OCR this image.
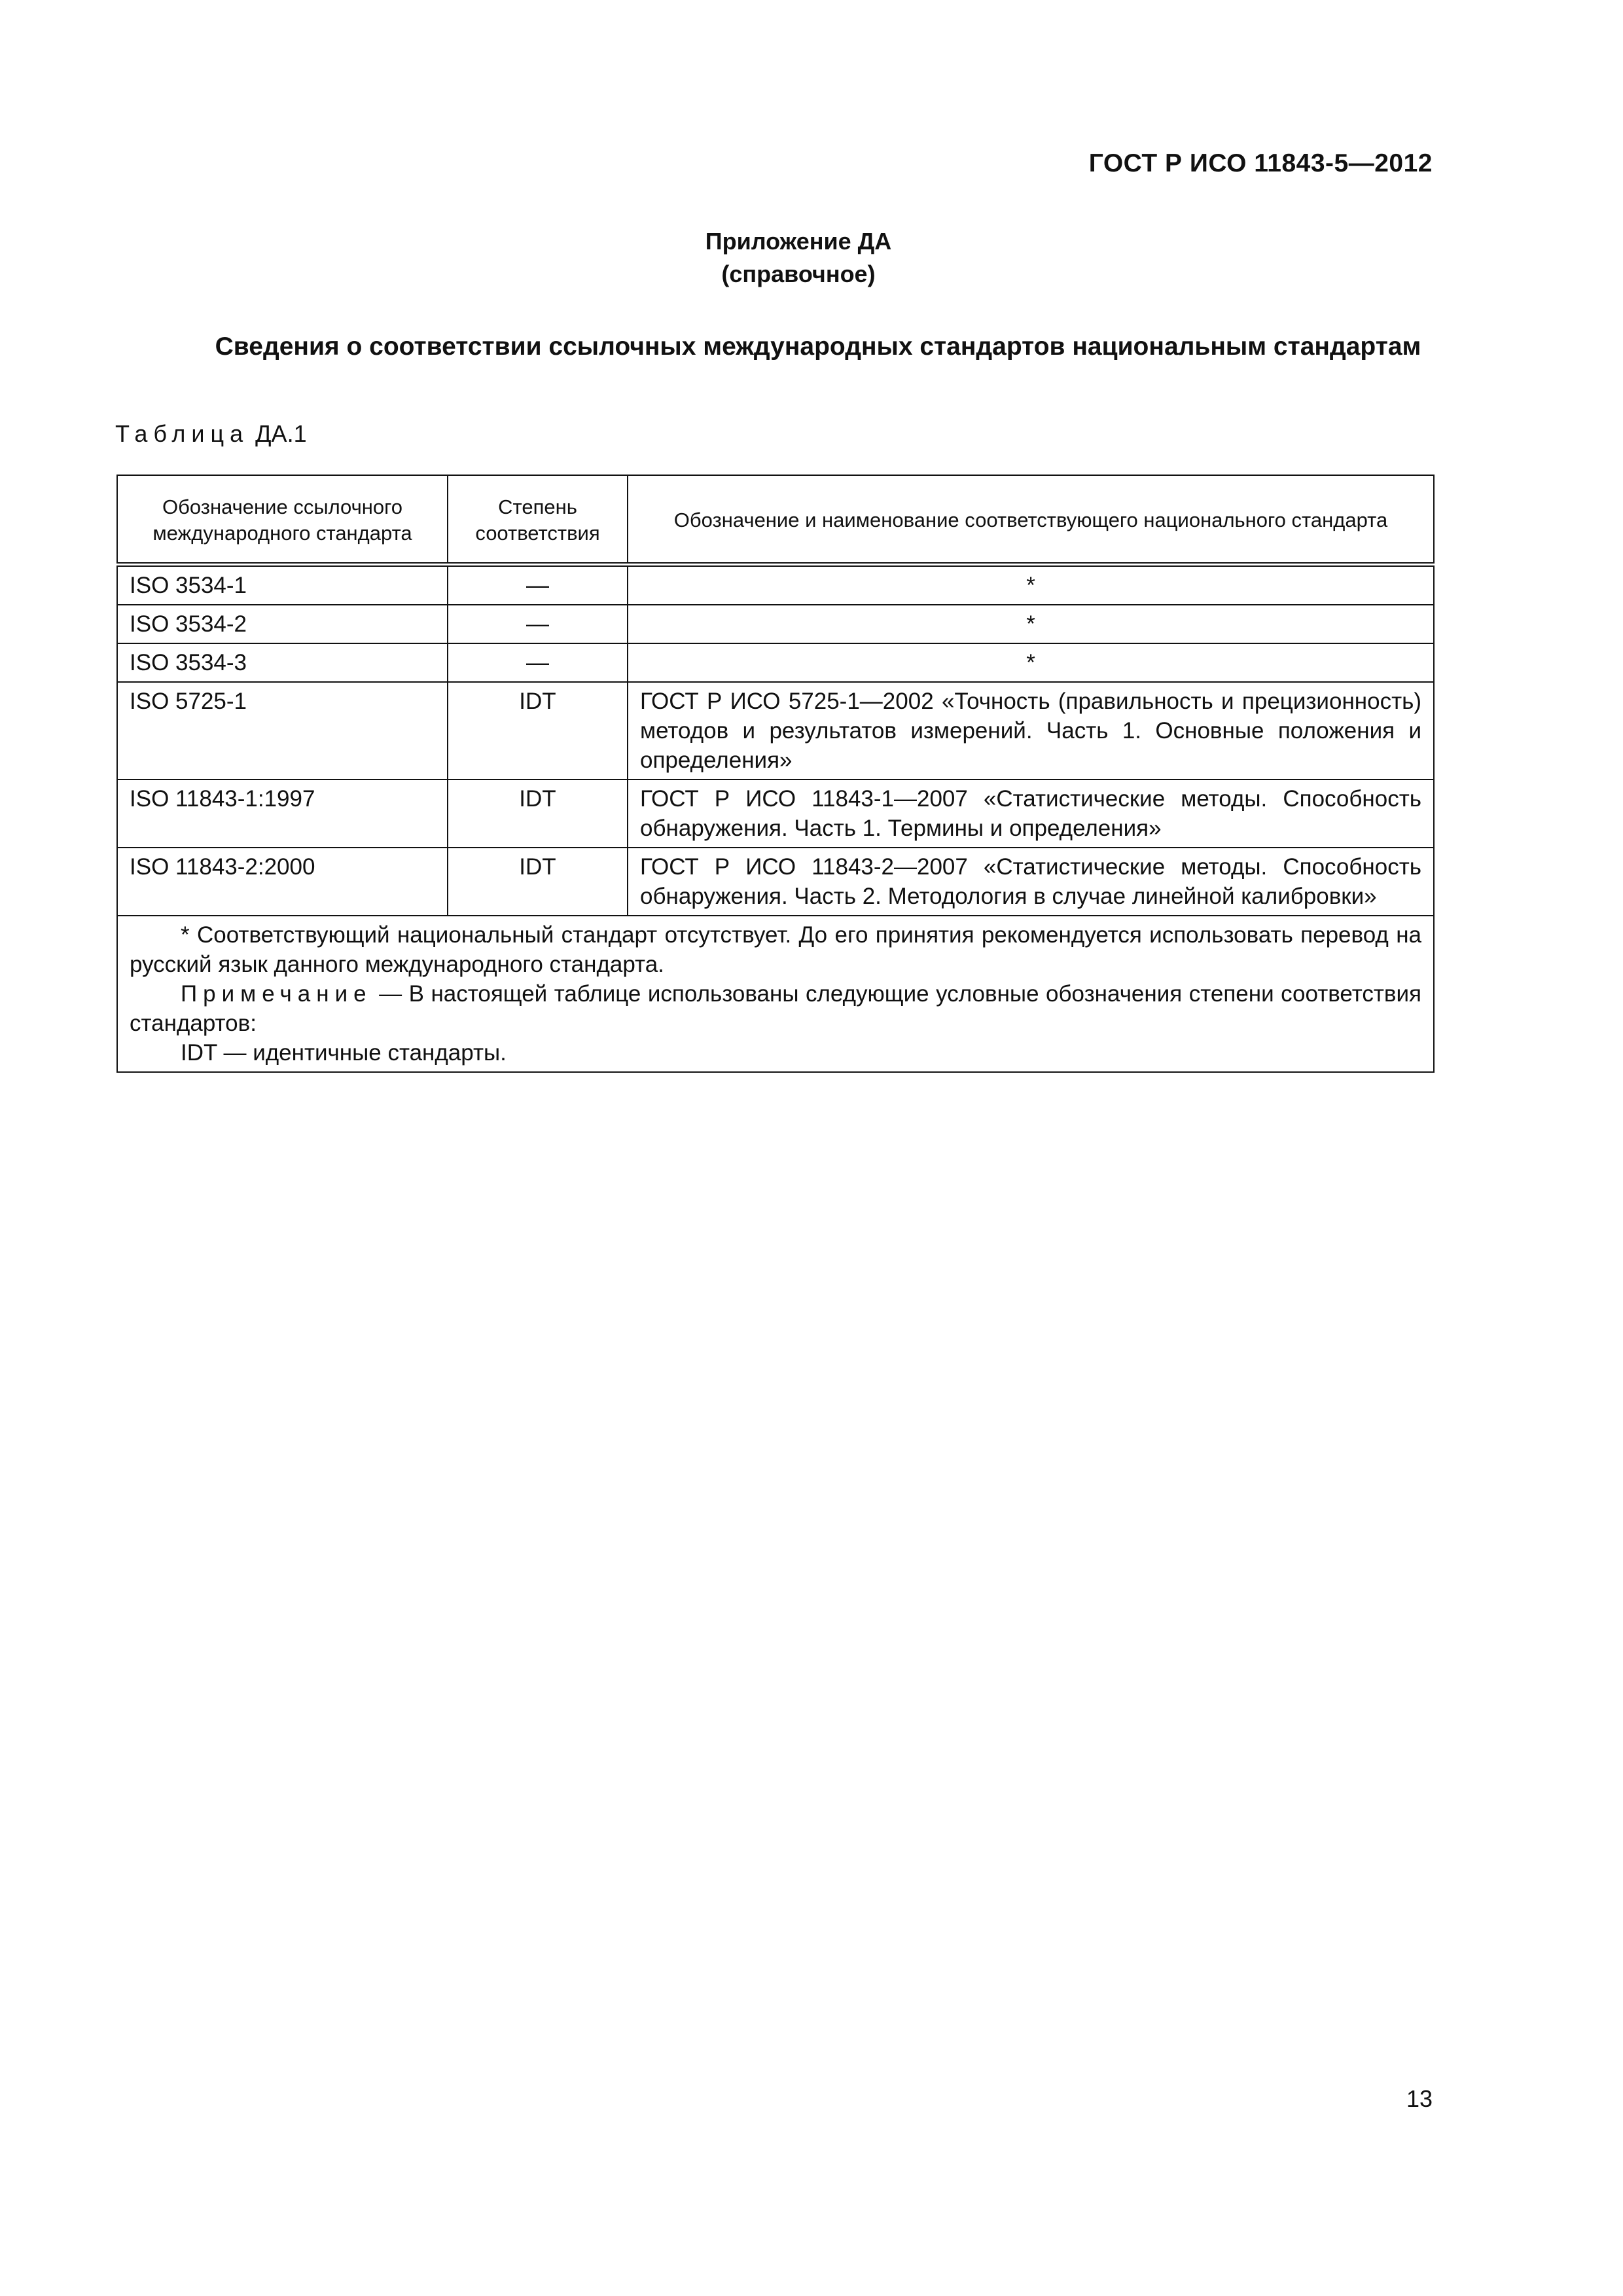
ГОСТ Р ИСО 11843-5—2012
Приложение ДА
(справочное)
Сведения о соответствии ссылочных международных стандартов национальным стандартам
Таблица ДА.1
Обозначение ссылочного международного стандарта	Степень соответствия	Обозначение и наименование соответствующего национального стандарта
ISO 3534-1	—	*
ISO 3534-2	—	*
ISO 3534-3	—	*
ISO 5725-1	IDT	ГОСТ Р ИСО 5725-1—2002 «Точность (правильность и прецизионность) методов и результатов измерений. Часть 1. Основные положения и определения»
ISO 11843-1:1997	IDT	ГОСТ Р ИСО 11843-1—2007 «Статистические методы. Способность обнаружения. Часть 1. Термины и определения»
ISO 11843-2:2000	IDT	ГОСТ Р ИСО 11843-2—2007 «Статистические методы. Способность обнаружения. Часть 2. Методология в случае линейной калибровки»

* Соответствующий национальный стандарт отсутствует. До его принятия рекомендуется использовать перевод на русский язык данного международного стандарта.

Примечание — В настоящей таблице использованы следующие условные обозначения степени соответствия стандартов:

IDT — идентичные стандарты.		

13
